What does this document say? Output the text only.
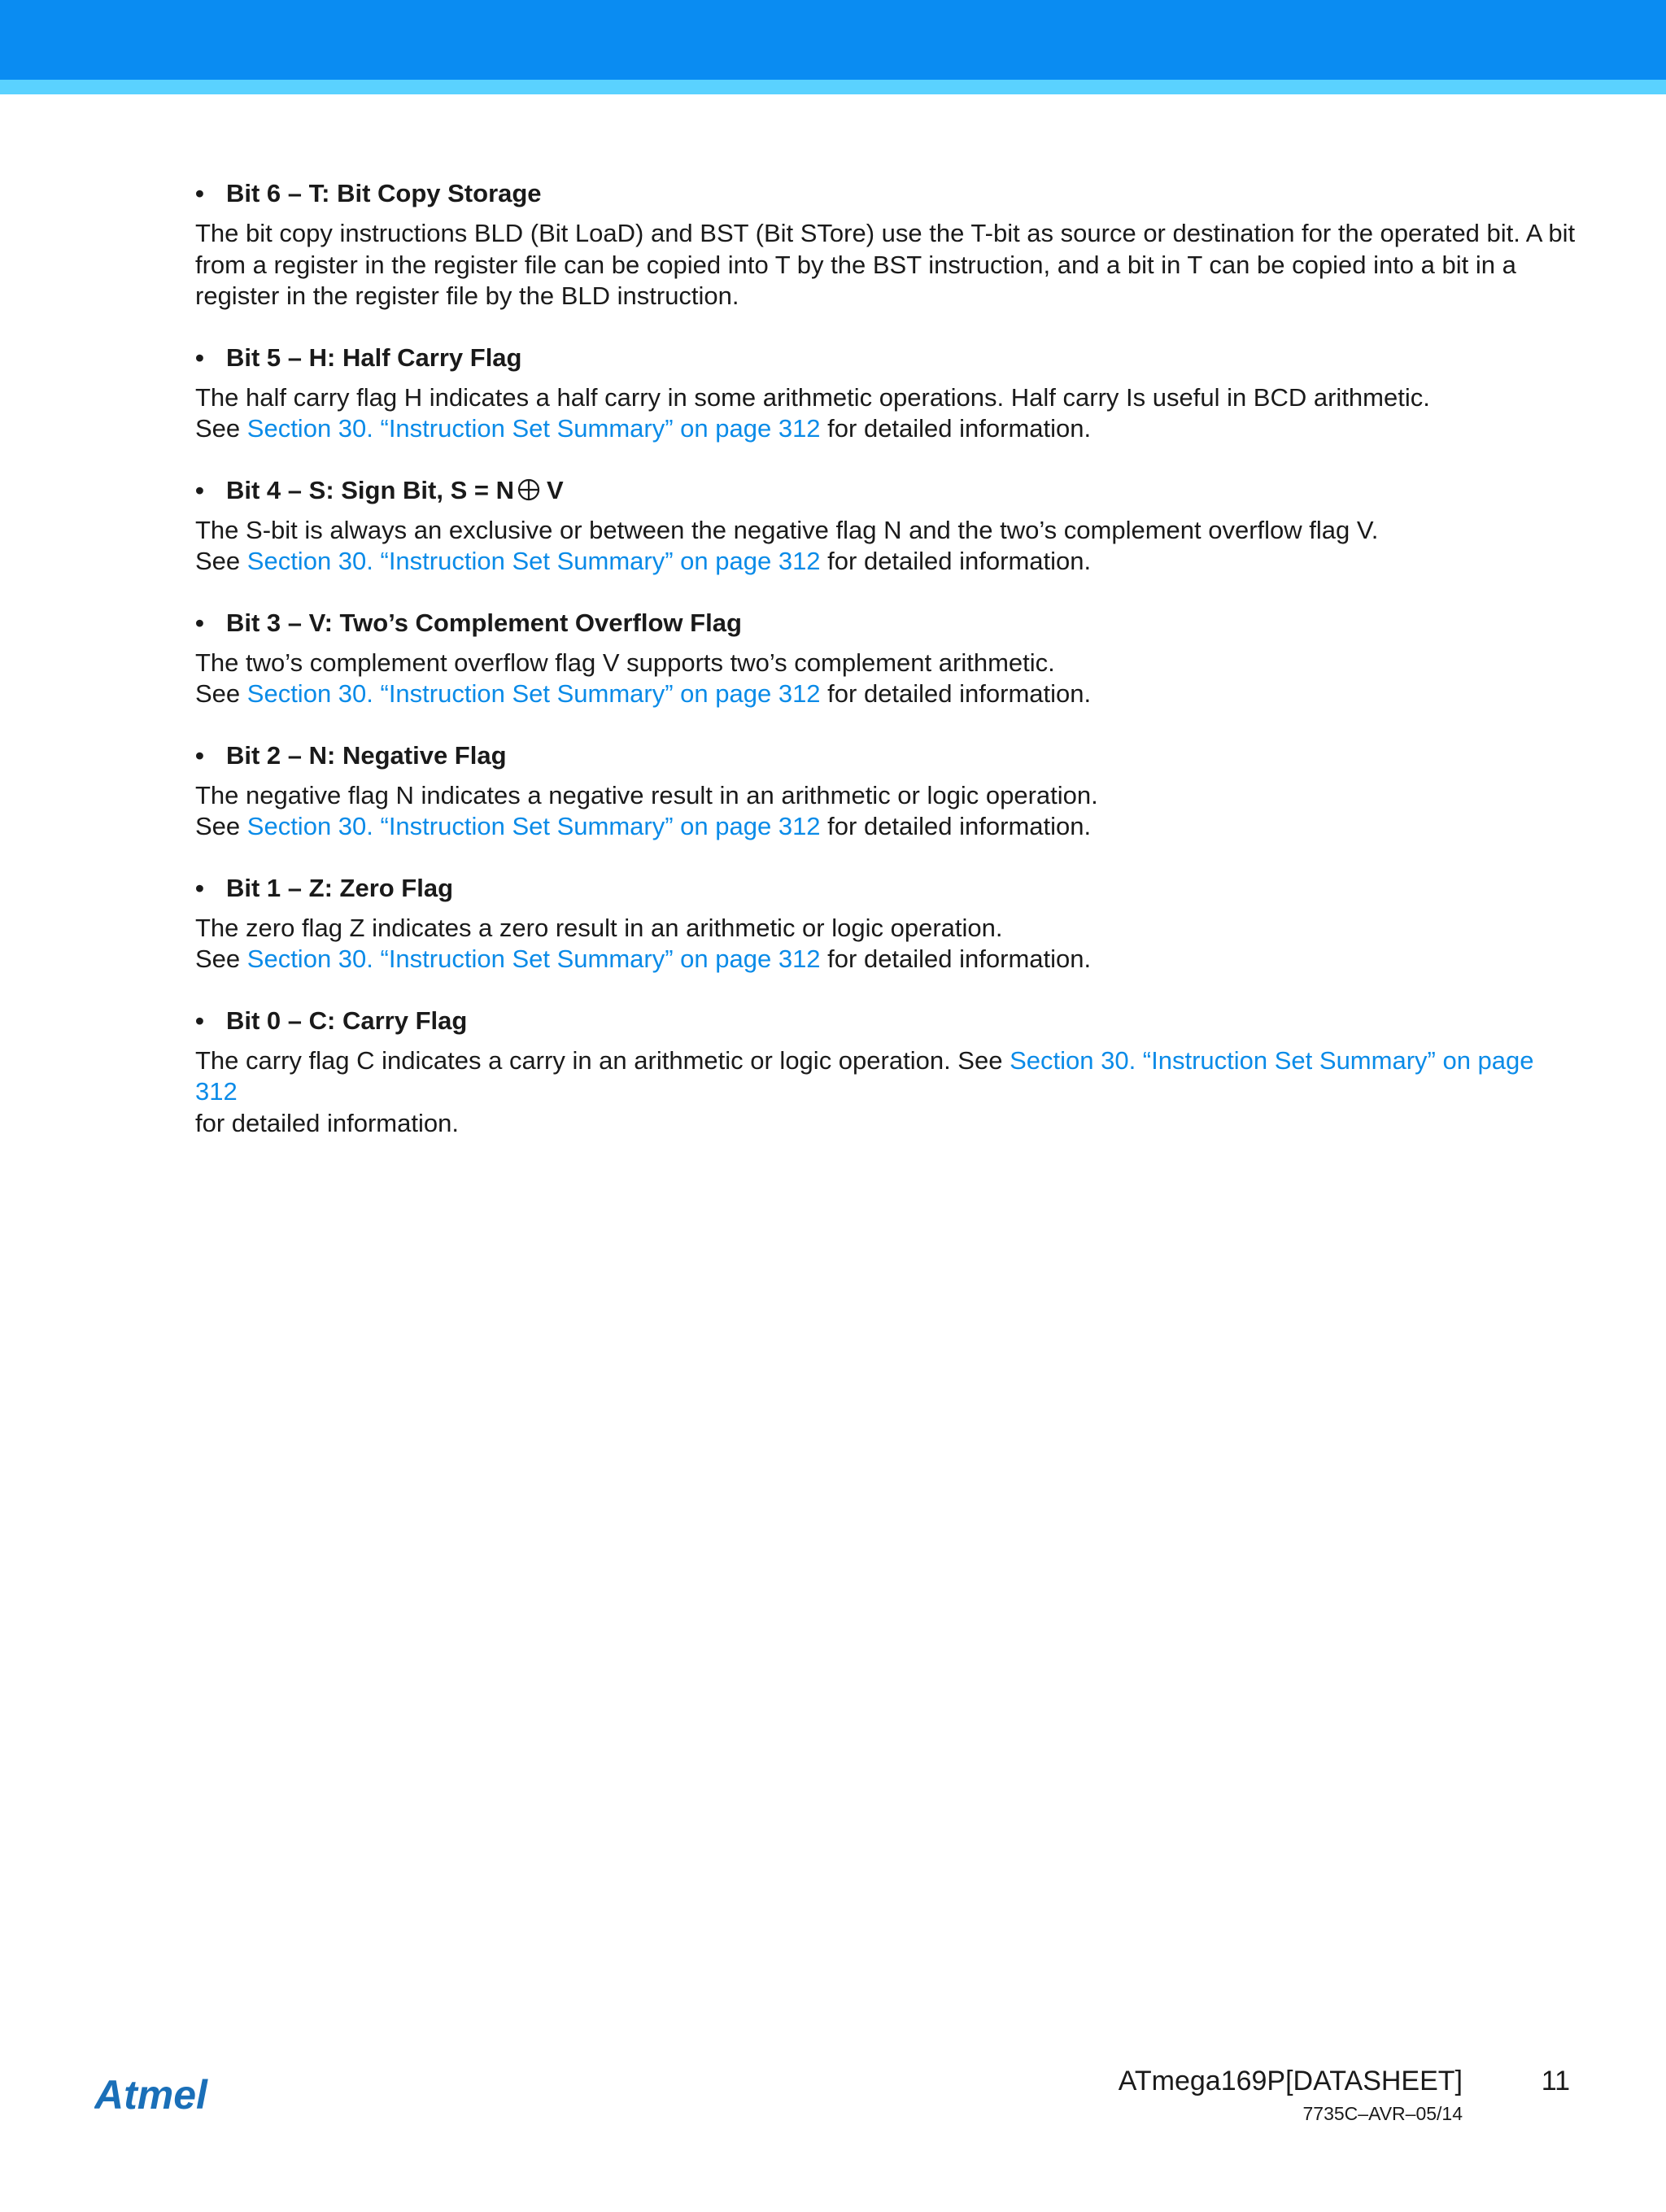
• Bit 6 – T: Bit Copy Storage

The bit copy instructions BLD (Bit LoaD) and BST (Bit STore) use the T-bit as source or destination for the operated bit. A bit
from a register in the register file can be copied into T by the BST instruction, and a bit in T can be copied into a bit in a
register in the register file by the BLD instruction.

• Bit 5 – H: Half Carry Flag

The half carry flag H indicates a half carry in some arithmetic operations. Half carry Is useful in BCD arithmetic.
See Section 30. “Instruction Set Summary” on page 312 for detailed information.

• Bit 4 – S: Sign Bit, S = N V

The S-bit is always an exclusive or between the negative flag N and the two’s complement overflow flag V.
See Section 30. “Instruction Set Summary” on page 312 for detailed information.

• Bit 3 – V: Two’s Complement Overflow Flag

The two’s complement overflow flag V supports two’s complement arithmetic.
See Section 30. “Instruction Set Summary” on page 312 for detailed information.

• Bit 2 – N: Negative Flag

The negative flag N indicates a negative result in an arithmetic or logic operation.
See Section 30. “Instruction Set Summary” on page 312 for detailed information.

• Bit 1 – Z: Zero Flag

The zero flag Z indicates a zero result in an arithmetic or logic operation.
See Section 30. “Instruction Set Summary” on page 312 for detailed information.

• Bit 0 – C: Carry Flag

The carry flag C indicates a carry in an arithmetic or logic operation. See Section 30. “Instruction Set Summary” on page 312
for detailed information.

Atmel	ATmega169P[DATASHEET]	11
7735C–AVR–05/14
